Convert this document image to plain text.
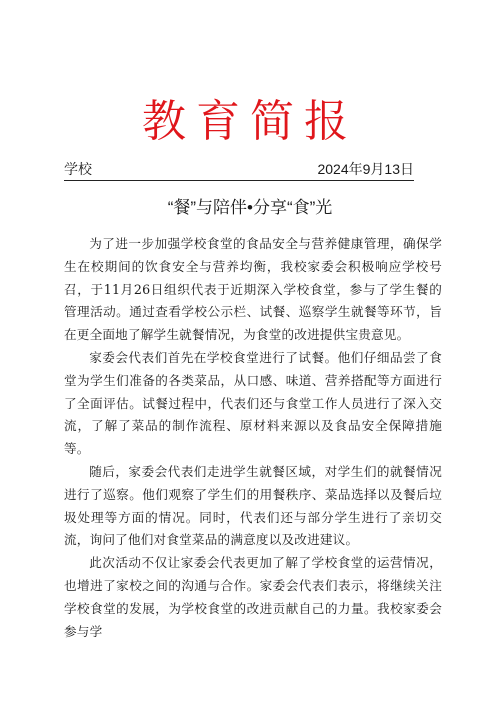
教育简报
学校	2024年9月13日
“餐”与陪伴•分享“食”光

为了进一步加强学校食堂的食品安全与营养健康管理，确保学生在校期间的饮食安全与营养均衡，我校家委会积极响应学校号召，于11月26日组织代表于近期深入学校食堂，参与了学生餐的管理活动。通过查看学校公示栏、试餐、巡察学生就餐等环节，旨在更全面地了解学生就餐情况，为食堂的改进提供宝贵意见。

家委会代表们首先在学校食堂进行了试餐。他们仔细品尝了食堂为学生们准备的各类菜品，从口感、味道、营养搭配等方面进行了全面评估。试餐过程中，代表们还与食堂工作人员进行了深入交流，了解了菜品的制作流程、原材料来源以及食品安全保障措施等。

随后，家委会代表们走进学生就餐区域，对学生们的就餐情况进行了巡察。他们观察了学生们的用餐秩序、菜品选择以及餐后垃圾处理等方面的情况。同时，代表们还与部分学生进行了亲切交流，询问了他们对食堂菜品的满意度以及改进建议。

此次活动不仅让家委会代表更加了解了学校食堂的运营情况，也增进了家校之间的沟通与合作。家委会代表们表示，将继续关注学校食堂的发展，为学校食堂的改进贡献自己的力量。我校家委会参与学
